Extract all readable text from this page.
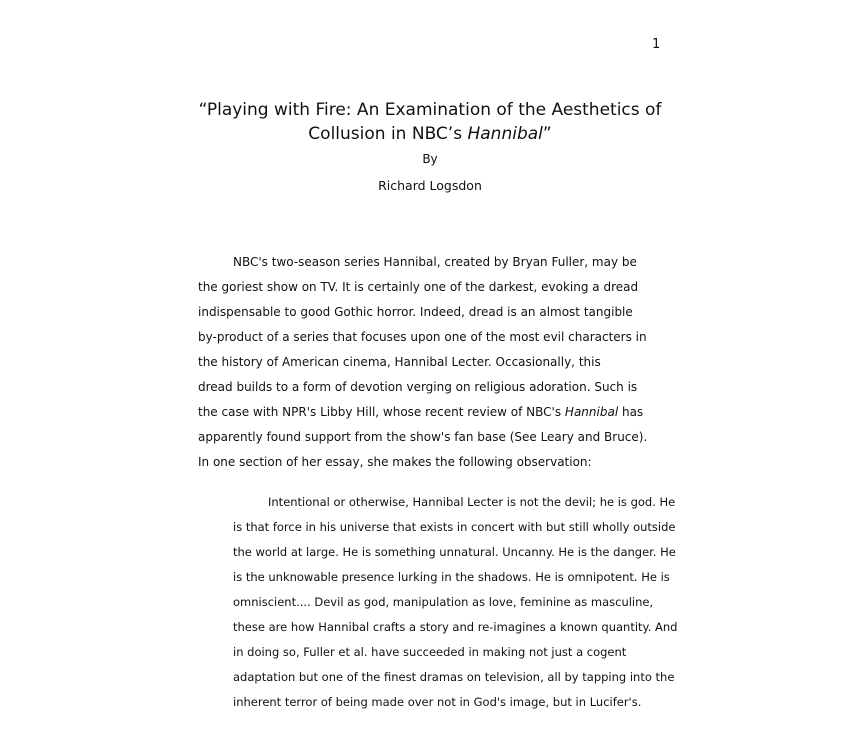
1
“Playing with Fire: An Examination of the Aesthetics of
Collusion in NBC’s Hannibal”
By
Richard Logsdon
NBC's two-season series Hannibal, created by Bryan Fuller, may be
the goriest show on TV. It is certainly one of the darkest, evoking a dread
indispensable to good Gothic horror. Indeed, dread is an almost tangible
by-product of a series that focuses upon one of the most evil characters in
the history of American cinema, Hannibal Lecter. Occasionally, this
dread builds to a form of devotion verging on religious adoration. Such is
the case with NPR's Libby Hill, whose recent review of NBC's Hannibal has
apparently found support from the show's fan base (See Leary and Bruce).
In one section of her essay, she makes the following observation:
Intentional or otherwise, Hannibal Lecter is not the devil; he is god. He
is that force in his universe that exists in concert with but still wholly outside
the world at large. He is something unnatural. Uncanny. He is the danger. He
is the unknowable presence lurking in the shadows. He is omnipotent. He is
omniscient.... Devil as god, manipulation as love, feminine as masculine,
these are how Hannibal crafts a story and re-imagines a known quantity. And
in doing so, Fuller et al. have succeeded in making not just a cogent
adaptation but one of the finest dramas on television, all by tapping into the
inherent terror of being made over not in God's image, but in Lucifer's.
